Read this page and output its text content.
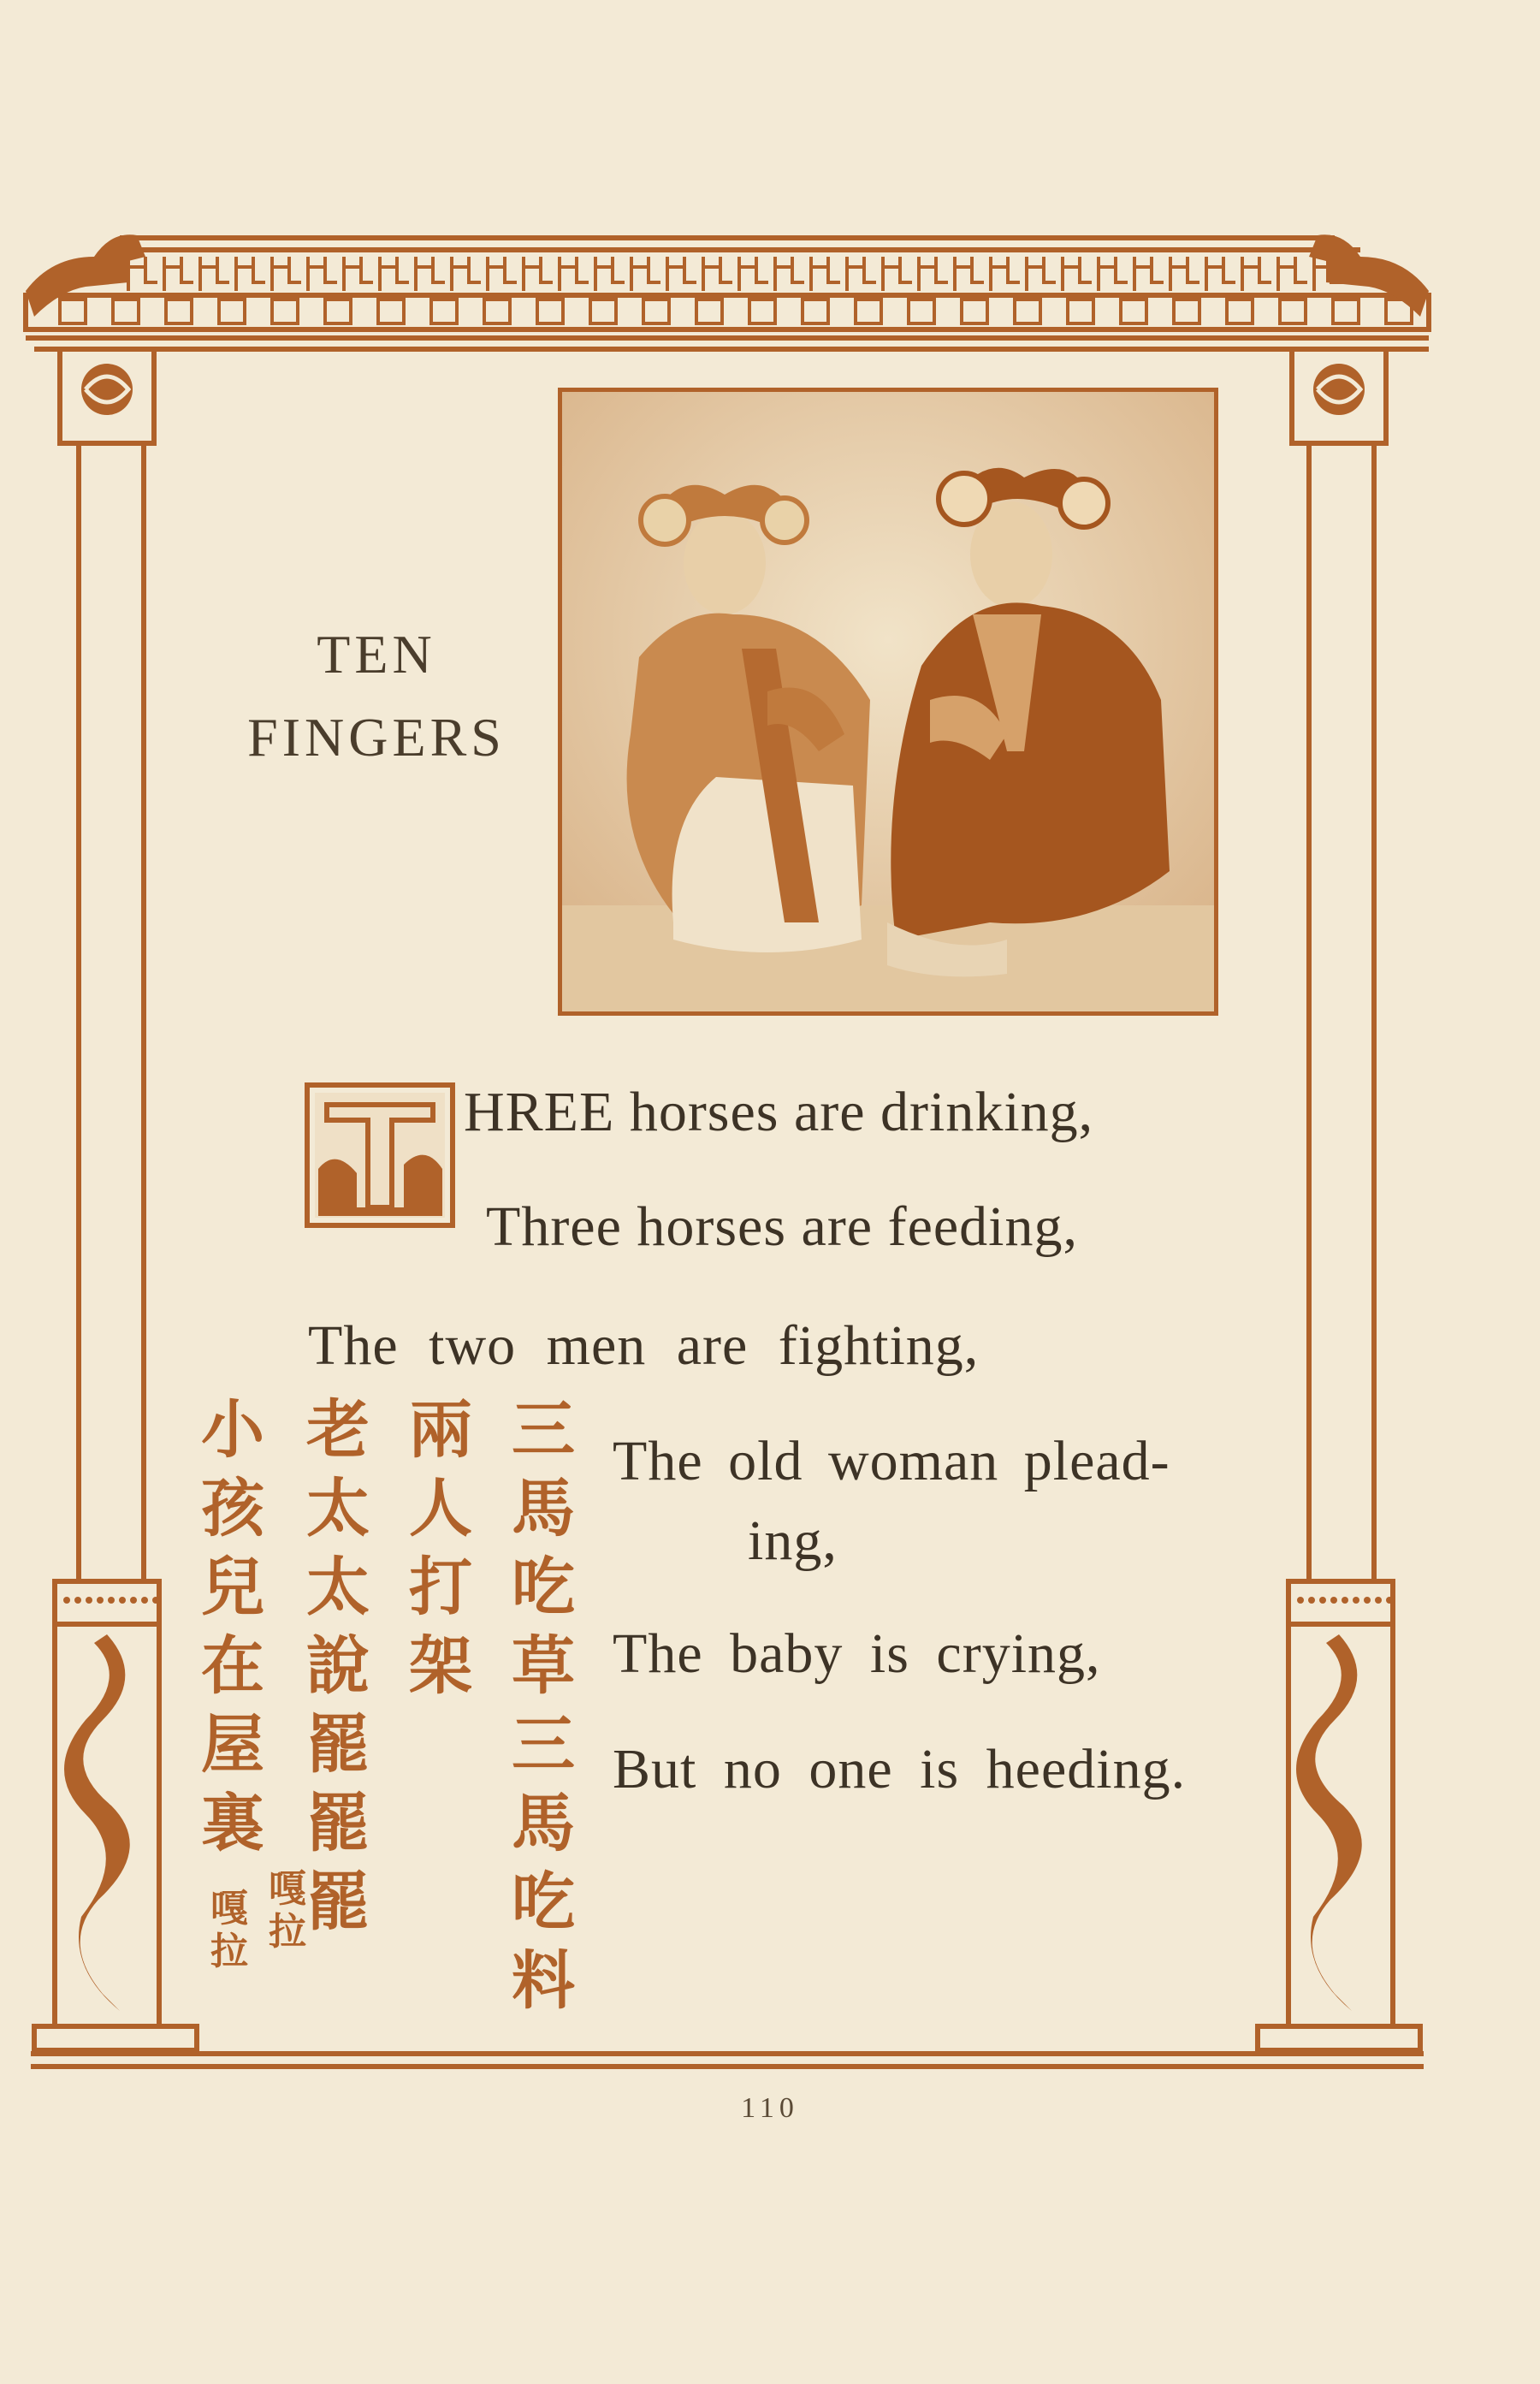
TEN
FINGERS
HREE horses are drinking,
Three horses are feeding,
The two men are fighting,
The old woman plead-
ing,
The baby is crying,
But no one is heeding.
三
馬
吃
草
三
馬
吃
料
兩
人
打
架
老
太
太
說
罷
罷
罷
小
孩
兒
在
屋
裏
嘎
拉
嘎
拉
110
